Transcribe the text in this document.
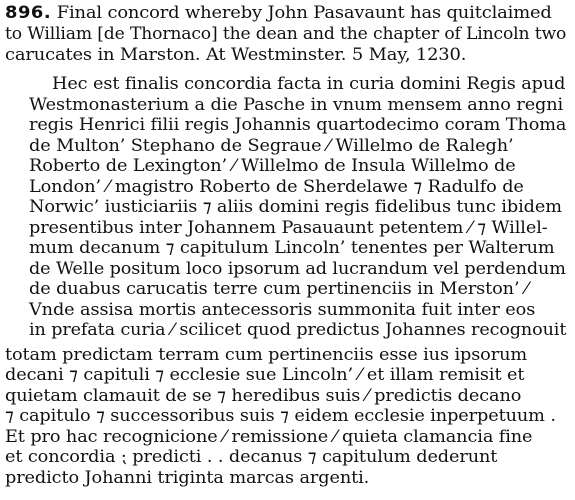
896. Final concord whereby John Pasavaunt has quitclaimed
to William [de Thornaco] the dean and the chapter of Lincoln two
carucates in Marston. At Westminster. 5 May, 1230.
Hec est finalis concordia facta in curia domini Regis apud
Westmonasterium a die Pasche in vnum mensem anno regni
regis Henrici filii regis Johannis quartodecimo coram Thoma
de Multon’ Stephano de Segraue ⁄ Willelmo de Ralegh’
Roberto de Lexington’ ⁄ Willelmo de Insula Willelmo de
London’ ⁄ magistro Roberto de Sherdelawe ⁊ Radulfo de
Norwic’ iusticiariis ⁊ aliis domini regis fidelibus tunc ibidem
presentibus inter Johannem Pasauaunt petentem ⁄ ⁊ Willel-
mum decanum ⁊ capitulum Lincoln’ tenentes per Walterum
de Welle positum loco ipsorum ad lucrandum vel perdendum
de duabus carucatis terre cum pertinenciis in Merston’ ⁄
Vnde assisa mortis antecessoris summonita fuit inter eos
in prefata curia ⁄ scilicet quod predictus Johannes recognouit
totam predictam terram cum pertinenciis esse ius ipsorum
decani ⁊ capituli ⁊ ecclesie sue Lincoln’ ⁄ et illam remisit et
quietam clamauit de se ⁊ heredibus suis ⁄ predictis decano
⁊ capitulo ⁊ successoribus suis ⁊ eidem ecclesie inperpetuum .
Et pro hac recognicione ⁄ remissione ⁄ quieta clamancia fine
et concordia ⁏ predicti . . decanus ⁊ capitulum dederunt
predicto Johanni triginta marcas argenti.
